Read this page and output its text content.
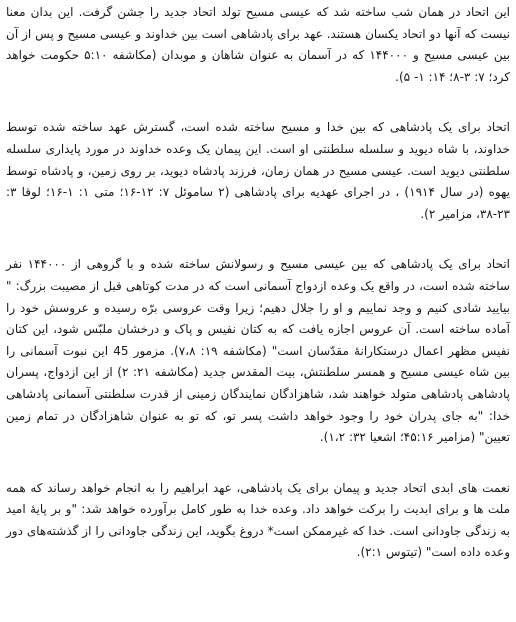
این اتحاد در همان شب ساخته شد که عیسی مسیح تولد اتحاد جدید را جشن گرفت. این بدان معنا نیست که آنها دو اتحاد یکسان هستند. عهد برای پادشاهی است بین خداوند و عیسی مسیح و پس از آن بین عیسی مسیح و ۱۴۴۰۰۰ که در آسمان به عنوان شاهان و موبدان (مکاشفه ۵:۱۰ حکومت خواهد کرد؛ ۷: ۳-۸؛ ۱۴: ۱- ۵).

اتحاد برای یک پادشاهی که بین خدا و مسیح ساخته شده است، گسترش عهد ساخته شده توسط خداوند، با شاه دیوید و سلسله سلطنتی او است. این پیمان یک وعده خداوند در مورد پایداری سلسله سلطنتی دیوید است. عیسی مسیح در همان زمان، فرزند پادشاه دیوید، بر روی زمین، و پادشاه توسط یهوه (در سال ۱۹۱۴) ، در اجرای عهدیه برای پادشاهی (۲ ساموئل ۷: ۱۲-۱۶؛ متی ۱: ۱-۱۶؛ لوقا ۳: ۲۳-۳۸، مزامیر ۲).

اتحاد برای یک پادشاهی که بین عیسی مسیح و رسولانش ساخته شده و با گروهی از ۱۴۴۰۰۰ نفر ساخته شده است، در واقع یک وعده ازدواج آسمانی است که در مدت کوتاهی قبل از مصیبت بزرگ: " بیایید شادی کنیم و وجد نماییم و او را جلال دهیم؛ زیرا وقت عروسی برّه رسیده و عروسش خود را آماده ساخته است. آن عروس اجازه یافت که به کتان نفیس و پاک و درخشان ملبّس شود، این کتان نفیس مظهر اعمال درستکارانهٔ مقدّسان است" (مکاشفه ۱۹: ۷،۸). مزمور 45 این نبوت آسمانی را بین شاه عیسی مسیح و همسر سلطنتش، بیت المقدس جدید (مکاشفه ۲۱: ۲) از این ازدواج، پسران پادشاهی پادشاهی متولد خواهند شد، شاهزادگان نمایندگان زمینی از قدرت سلطنتی آسمانی پادشاهی خدا: "به جای پدران خود را وجود خواهد داشت پسر تو، که تو به عنوان شاهزادگان در تمام زمین تعیین" (مزامیر ۴۵:۱۶؛ اشعیا ۳۲: ۱،۲).

نعمت های ابدی اتحاد جدید و پیمان برای یک پادشاهی، عهد ابراهیم را به انجام خواهد رساند که همه ملت ها و برای ابدیت را برکت خواهد داد. وعده خدا به طور کامل برآورده خواهد شد: "و بر پایهٔ امید به زندگی جاودانی است. خدا که غیرممکن است* دروغ بگوید، این زندگی جاودانی را از گذشته‌های دور وعده داده است" (تیتوس ۲:۱).
